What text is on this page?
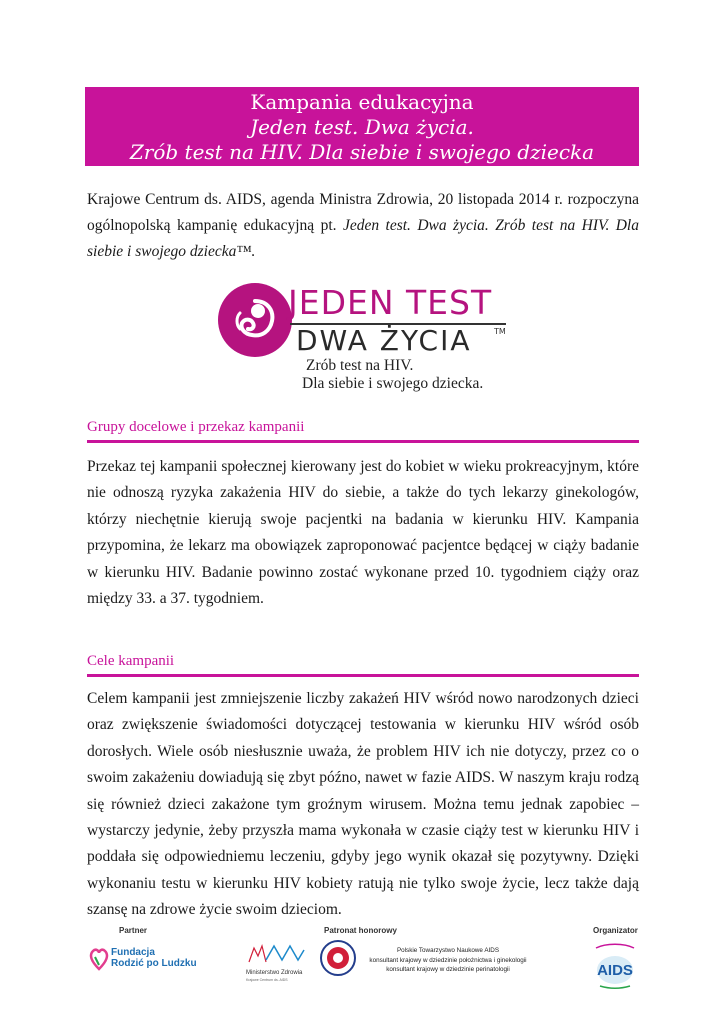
Kampania edukacyjna
Jeden test. Dwa życia.
Zrób test na HIV. Dla siebie i swojego dziecka
Krajowe Centrum ds. AIDS, agenda Ministra Zdrowia, 20 listopada 2014 r. rozpoczyna ogólnopolską kampanię edukacyjną pt. Jeden test. Dwa życia. Zrób test na HIV. Dla siebie i swojego dziecka™.
JEDEN TEST
DWA ŻYCIA	TM
Zrób test na HIV.
Dla siebie i swojego dziecka.
Grupy docelowe i przekaz kampanii
Przekaz tej kampanii społecznej kierowany jest do kobiet w wieku prokreacyjnym, które nie odnoszą ryzyka zakażenia HIV do siebie, a także do tych lekarzy ginekologów, którzy niechętnie kierują swoje pacjentki na badania w kierunku HIV. Kampania przypomina, że lekarz ma obowiązek zaproponować pacjentce będącej w ciąży badanie w kierunku HIV. Badanie powinno zostać wykonane przed 10. tygodniem ciąży oraz między 33. a 37. tygodniem.
Cele kampanii
Celem kampanii jest zmniejszenie liczby zakażeń HIV wśród nowo narodzonych dzieci oraz zwiększenie świadomości dotyczącej testowania w kierunku HIV wśród osób dorosłych. Wiele osób niesłusznie uważa, że problem HIV ich nie dotyczy, przez co o swoim zakażeniu dowiadują się zbyt późno, nawet w fazie AIDS. W naszym kraju rodzą się również dzieci zakażone tym groźnym wirusem. Można temu jednak zapobiec – wystarczy jedynie, żeby przyszła mama wykonała w czasie ciąży test w kierunku HIV i poddała się odpowiedniemu leczeniu, gdyby jego wynik okazał się pozytywny. Dzięki wykonaniu testu w kierunku HIV kobiety ratują nie tylko swoje życie, lecz także dają szansę na zdrowe życie swoim dzieciom.
Partner	Patronat honorowy	Organizator
Fundacja
Rodzić po Ludzku
Ministerstwo Zdrowia
Krajowe Centrum ds. AIDS
Polskie Towarzystwo Naukowe AIDS
konsultant krajowy w dziedzinie położnictwa i ginekologii
konsultant krajowy w dziedzinie perinatologii	AIDS
